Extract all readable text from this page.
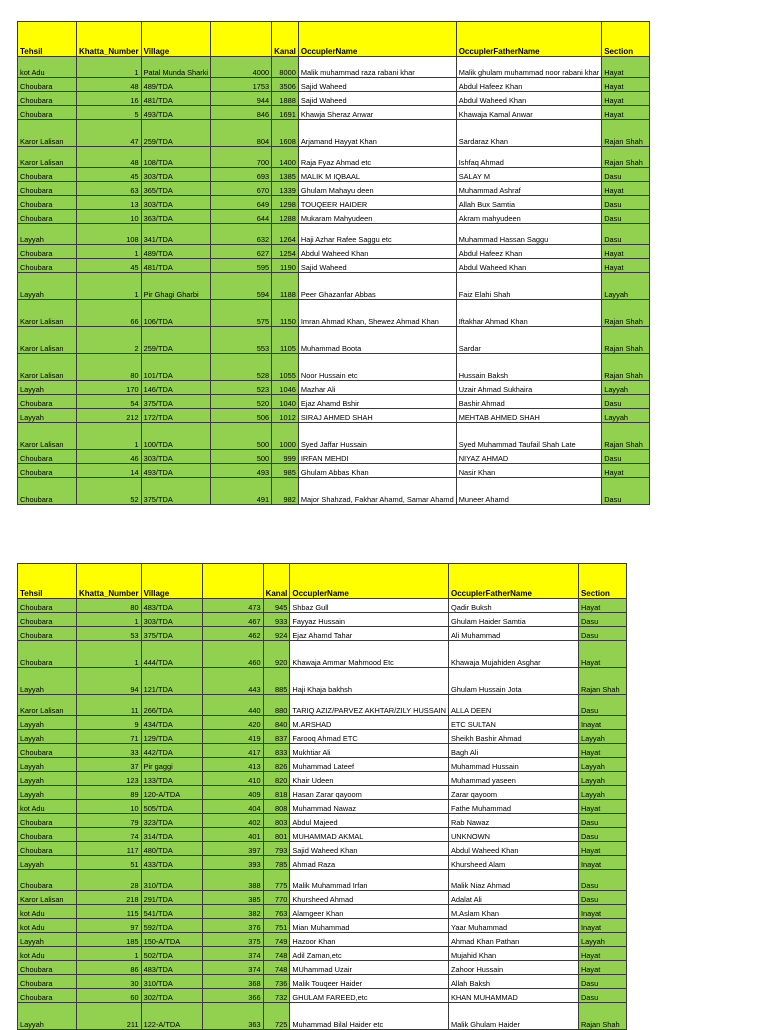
Tehsil	Khatta_Number	Village		Kanal	OccuplerName	OccuplerFatherName	Section
kot Adu	1	Patal Munda Sharki	4000	8000	Malik muhammad raza rabani khar	Malik ghulam muhammad noor rabani khar	Hayat
Choubara	48	489/TDA	1753	3506	Sajid Waheed	Abdul Hafeez Khan	Hayat
Choubara	16	481/TDA	944	1888	Sajid Waheed	Abdul Waheed Khan	Hayat
Choubara	5	493/TDA	846	1691	Khawja Sheraz Anwar	Khawaja Kamal Anwar	Hayat
Karor Lalisan	47	259/TDA	804	1608	Arjamand Hayyat Khan	Sardaraz Khan	Rajan Shah
Karor Lalisan	48	108/TDA	700	1400	Raja Fyaz Ahmad etc	Ishfaq Ahmad	Rajan Shah
Choubara	45	303/TDA	693	1385	MALIK M IQBAAL	SALAY M	Dasu
Choubara	63	365/TDA	670	1339	Ghulam Mahayu deen	Muhammad Ashraf	Hayat
Choubara	13	303/TDA	649	1298	TOUQEER HAIDER	Allah Bux Samtia	Dasu
Choubara	10	363/TDA	644	1288	Mukaram Mahyudeen	Akram mahyudeen	Dasu
Layyah	108	341/TDA	632	1264	Haji Azhar Rafee Saggu etc	Muhammad Hassan Saggu	Dasu
Choubara	1	489/TDA	627	1254	Abdul Waheed Khan	Abdul Hafeez Khan	Hayat
Choubara	45	481/TDA	595	1190	Sajid Waheed	Abdul Waheed Khan	Hayat
Layyah	1	Pir Ghagi Gharbi	594	1188	Peer Ghazanfar Abbas	Faiz Elahi Shah	Layyah
Karor Lalisan	66	106/TDA	575	1150	Imran Ahmad Khan, Shewez Ahmad Khan	Iftakhar Ahmad Khan	Rajan Shah
Karor Lalisan	2	259/TDA	553	1105	Muhammad Boota	Sardar	Rajan Shah
Karor Lalisan	80	101/TDA	528	1055	Noor Hussain etc	Hussain Baksh	Rajan Shah
Layyah	170	146/TDA	523	1046	Mazhar Ali	Uzair Ahmad Sukhaira	Layyah
Choubara	54	375/TDA	520	1040	Ejaz Ahamd Bshir	Bashir Ahmad	Dasu
Layyah	212	172/TDA	506	1012	SIRAJ AHMED SHAH	MEHTAB AHMED SHAH	Layyah
Karor Lalisan	1	100/TDA	500	1000	Syed Jaffar Hussain	Syed Muhammad Taufail Shah Late	Rajan Shah
Choubara	46	303/TDA	500	999	IRFAN MEHDI	NIYAZ AHMAD	Dasu
Choubara	14	493/TDA	493	985	Ghulam Abbas Khan	Nasir Khan	Hayat
Choubara	52	375/TDA	491	982	Major Shahzad, Fakhar Ahamd, Samar Ahamd	Muneer Ahamd	Dasu
Tehsil	Khatta_Number	Village		Kanal	OccuplerName	OccuplerFatherName	Section
Choubara	80	483/TDA	473	945	Shbaz Gull	Qadir Buksh	Hayat
Choubara	1	303/TDA	467	933	Fayyaz Hussain	Ghulam Haider Samtia	Dasu
Choubara	53	375/TDA	462	924	Ejaz Ahamd Tahar	Ali Muhammad	Dasu
Choubara	1	444/TDA	460	920	Khawaja Ammar Mahmood Etc	Khawaja Mujahiden Asghar	Hayat
Layyah	94	121/TDA	443	885	Haji Khaja bakhsh	Ghulam Hussain Jota	Rajan Shah
Karor Lalisan	11	266/TDA	440	880	TARIQ AZIZ/PARVEZ AKHTAR/ZILY HUSSAIN	ALLA DEEN	Dasu
Layyah	9	434/TDA	420	840	M.ARSHAD	ETC SULTAN	Inayat
Layyah	71	129/TDA	419	837	Farooq Ahmad ETC	Sheikh Bashir Ahmad	Layyah
Choubara	33	442/TDA	417	833	Mukhtiar Ali	Bagh Ali	Hayat
Layyah	37	Pir gaggi	413	826	Muhammad Lateef	Muhammad Hussain	Layyah
Layyah	123	133/TDA	410	820	Khair Udeen	Muhammad yaseen	Layyah
Layyah	89	120-A/TDA	409	818	Hasan Zarar qayoom	Zarar qayoom	Layyah
kot Adu	10	505/TDA	404	808	Muhammad Nawaz	Fathe Muhammad	Hayat
Choubara	79	323/TDA	402	803	Abdul Majeed	Rab Nawaz	Dasu
Choubara	74	314/TDA	401	801	MUHAMMAD AKMAL	UNKNOWN	Dasu
Choubara	117	480/TDA	397	793	Sajid Waheed Khan	Abdul Waheed Khan	Hayat
Layyah	51	433/TDA	393	785	Ahmad Raza	Khursheed Alam	Inayat
Choubara	28	310/TDA	388	775	Malik Muhammad Irfan	Malik Niaz Ahmad	Dasu
Karor Lalisan	218	291/TDA	385	770	Khursheed Ahmad	Adalat Ali	Dasu
kot Adu	115	541/TDA	382	763	Alamgeer Khan	M.Aslam Khan	Inayat
kot Adu	97	592/TDA	376	751	Mian Muhammad	Yaar Muhammad	Inayat
Layyah	185	150-A/TDA	375	749	Hazoor Khan	Ahmad Khan Pathan	Layyah
kot Adu	1	502/TDA	374	748	Adil Zaman,etc	Mujahid Khan	Hayat
Choubara	86	483/TDA	374	748	MUhammad Uzair	Zahoor Hussain	Hayat
Choubara	30	310/TDA	368	736	Malik Touqeer Haider	Allah Baksh	Dasu
Choubara	60	302/TDA	366	732	GHULAM FAREED,etc	KHAN MUHAMMAD	Dasu
Layyah	211	122-A/TDA	363	725	Muhammad Bilal Haider etc	Malik Ghulam Haider	Rajan Shah
